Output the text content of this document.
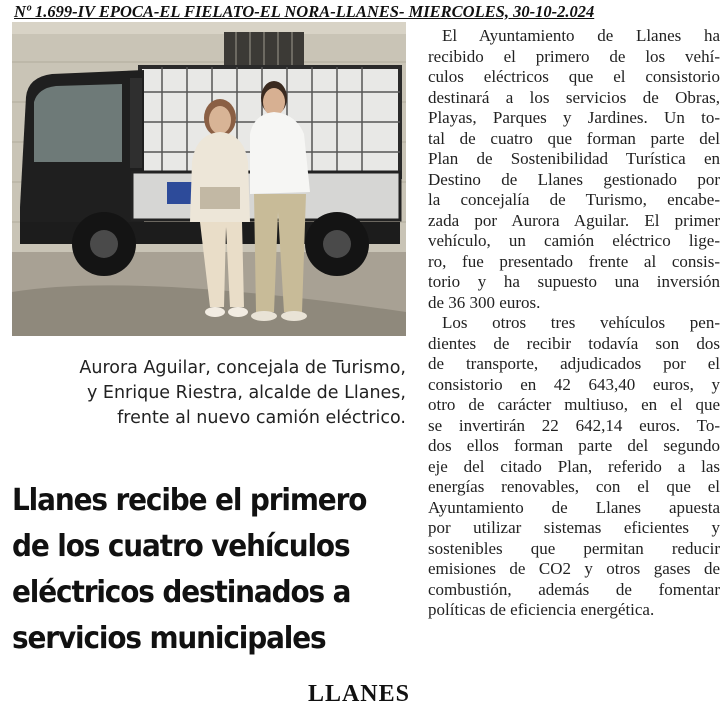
Nº 1.699-IV EPOCA-EL FIELATO-EL NORA-LLANES- MIERCOLES, 30-10-2.024
Aurora Aguilar, concejala de Turismo,
y Enrique Riestra, alcalde de Llanes,
frente al nuevo camión eléctrico.
Llanes recibe el primero
de los cuatro vehículos
eléctricos destinados a
servicios municipales
LLANES
El Ayuntamiento de Llanes ha
recibido el primero de los vehí-
culos eléctricos que el consistorio
destinará a los servicios de Obras,
Playas, Parques y Jardines. Un to-
tal de cuatro que forman parte del
Plan de Sostenibilidad Turística en
Destino de Llanes gestionado por
la concejalía de Turismo, encabe-
zada por Aurora Aguilar. El primer
vehículo, un camión eléctrico lige-
ro, fue presentado frente al consis-
torio y ha supuesto una inversión
de 36 300 euros.
Los otros tres vehículos pen-
dientes de recibir todavía son dos
de transporte, adjudicados por el
consistorio en 42 643,40 euros, y
otro de carácter multiuso, en el que
se invertirán 22 642,14 euros. To-
dos ellos forman parte del segundo
eje del citado Plan, referido a las
energías renovables, con el que el
Ayuntamiento de Llanes apuesta
por utilizar sistemas eficientes y
sostenibles que permitan reducir
emisiones de CO2 y otros gases de
combustión, además de fomentar
políticas de eficiencia energética.
